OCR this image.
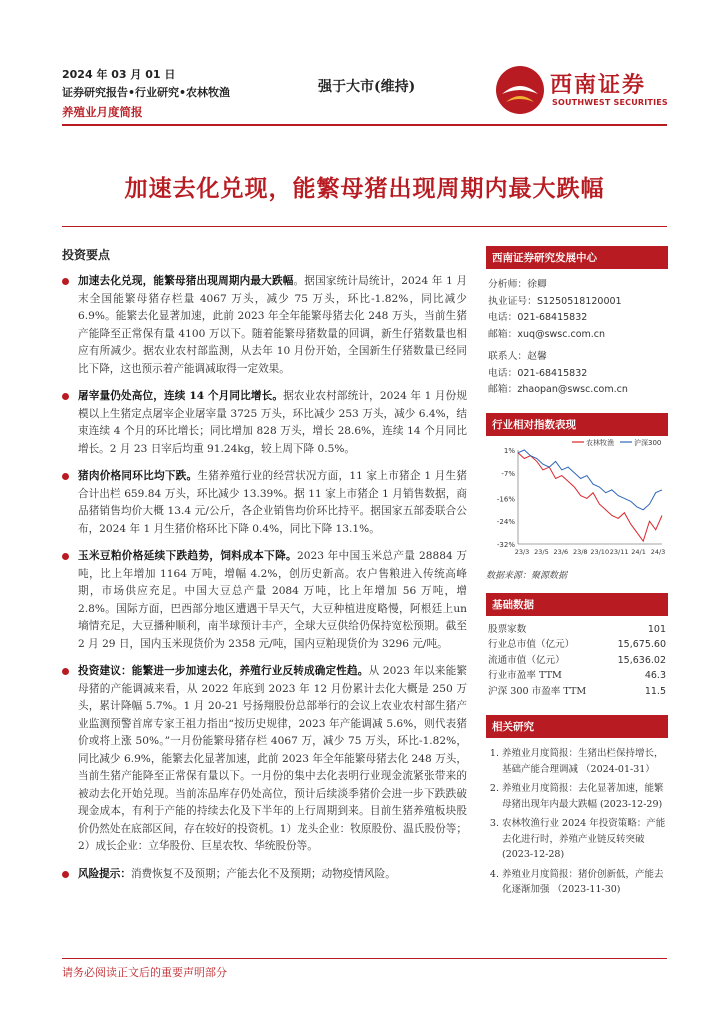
2024 年 03 月 01 日
证券研究报告•行业研究•农林牧渔
养殖业月度简报
强于大市(维持)	西南证券
SOUTHWEST SECURITIES
加速去化兑现，能繁母猪出现周期内最大跌幅
投资要点
加速去化兑现，能繁母猪出现周期内最大跌幅。据国家统计局统计，2024 年 1 月末全国能繁母猪存栏量 4067 万头，减少 75 万头，环比-1.82%，同比减少 6.9%。能繁去化显著加速，此前 2023 年全年能繁母猪去化 248 万头，当前生猪产能降至正常保有量 4100 万以下。随着能繁母猪数量的回调，新生仔猪数量也相应有所减少。据农业农村部监测，从去年 10 月份开始，全国新生仔猪数量已经同比下降，这也预示着产能调减取得一定效果。
屠宰量仍处高位，连续 14 个月同比增长。据农业农村部统计，2024 年 1 月份规模以上生猪定点屠宰企业屠宰量 3725 万头，环比减少 253 万头，减少 6.4%，结束连续 4 个月的环比增长；同比增加 828 万头，增长 28.6%，连续 14 个月同比增长。2 月 23 日宰后均重 91.24kg，较上周下降 0.5%。
猪肉价格同环比均下跌。生猪养殖行业的经营状况方面，11 家上市猪企 1 月生猪合计出栏 659.84 万头，环比减少 13.39%。据 11 家上市猪企 1 月销售数据，商品猪销售均价大概 13.4 元/公斤，各企业销售均价环比持平。据国家五部委联合公布，2024 年 1 月生猪价格环比下降 0.4%，同比下降 13.1%。
玉米豆粕价格延续下跌趋势，饲料成本下降。2023 年中国玉米总产量 28884 万吨，比上年增加 1164 万吨，增幅 4.2%，创历史新高。农户售粮进入传统高峰期，市场供应充足。中国大豆总产量 2084 万吨，比上年增加 56 万吨，增 2.8%。国际方面，巴西部分地区遭遇干旱天气，大豆种植进度略慢，阿根廷上un 墒情充足，大豆播种顺利，南半球预计丰产，全球大豆供给仍保持宽松预期。截至 2 月 29 日，国内玉米现货价为 2358 元/吨，国内豆粕现货价为 3296 元/吨。
投资建议：能繁进一步加速去化，养殖行业反转成确定性趋。从 2023 年以来能繁母猪的产能调减来看，从 2022 年底到 2023 年 12 月份累计去化大概是 250 万头，累计降幅 5.7%。1 月 20-21 号扬翔股份总部举行的会议上农业农村部生猪产业监测预警首席专家王祖力指出“按历史规律，2023 年产能调减 5.6%，则代表猪价或将上涨 50%。”一月份能繁母猪存栏 4067 万，减少 75 万头，环比-1.82%，同比减少 6.9%，能繁去化显著加速，此前 2023 年全年能繁母猪去化 248 万头，当前生猪产能降至正常保有量以下。一月份的集中去化表明行业现金流紧张带来的被动去化开始兑现。当前冻品库存仍处高位，预计后续淡季猪价会进一步下跌跌破现金成本，有利于产能的持续去化及下半年的上行周期到来。目前生猪养殖板块股价仍然处在底部区间，存在较好的投资机。1）龙头企业：牧原股份、温氏股份等；2）成长企业：立华股份、巨星农牧、华统股份等。
风险提示：消费恢复不及预期；产能去化不及预期；动物疫情风险。
西南证券研究发展中心

分析师：徐卿

执业证号：S1250518120001

电话：021-68415832

邮箱：xuq@swsc.com.cn

联系人：赵馨

电话：021-68415832

邮箱：zhaopan@swsc.com.cn

行业相对指数表现
1%
-7%
-16%
-24%
-32%
23/3 23/5 23/6 23/8 23/10 23/11 24/1 24/3
农林牧渔	沪深300
数据来源：聚源数据
基础数据
股票家数	101
行业总市值（亿元）	15,675.60
流通市值（亿元）	15,636.02
行业市盈率 TTM	46.3
沪深 300 市盈率 TTM	11.5
相关研究
1. 养殖业月度简报：生猪出栏保持增长，基础产能合理调减 （2024-01-31）
2. 养殖业月度简报：去化显著加速，能繁母猪出现年内最大跌幅 (2023-12-29)
3. 农林牧渔行业 2024 年投资策略：产能去化进行时，养殖产业链反转突破 (2023-12-28)
4. 养殖业月度简报：猪价创新低，产能去化逐渐加强 （2023-11-30)
请务必阅读正文后的重要声明部分
